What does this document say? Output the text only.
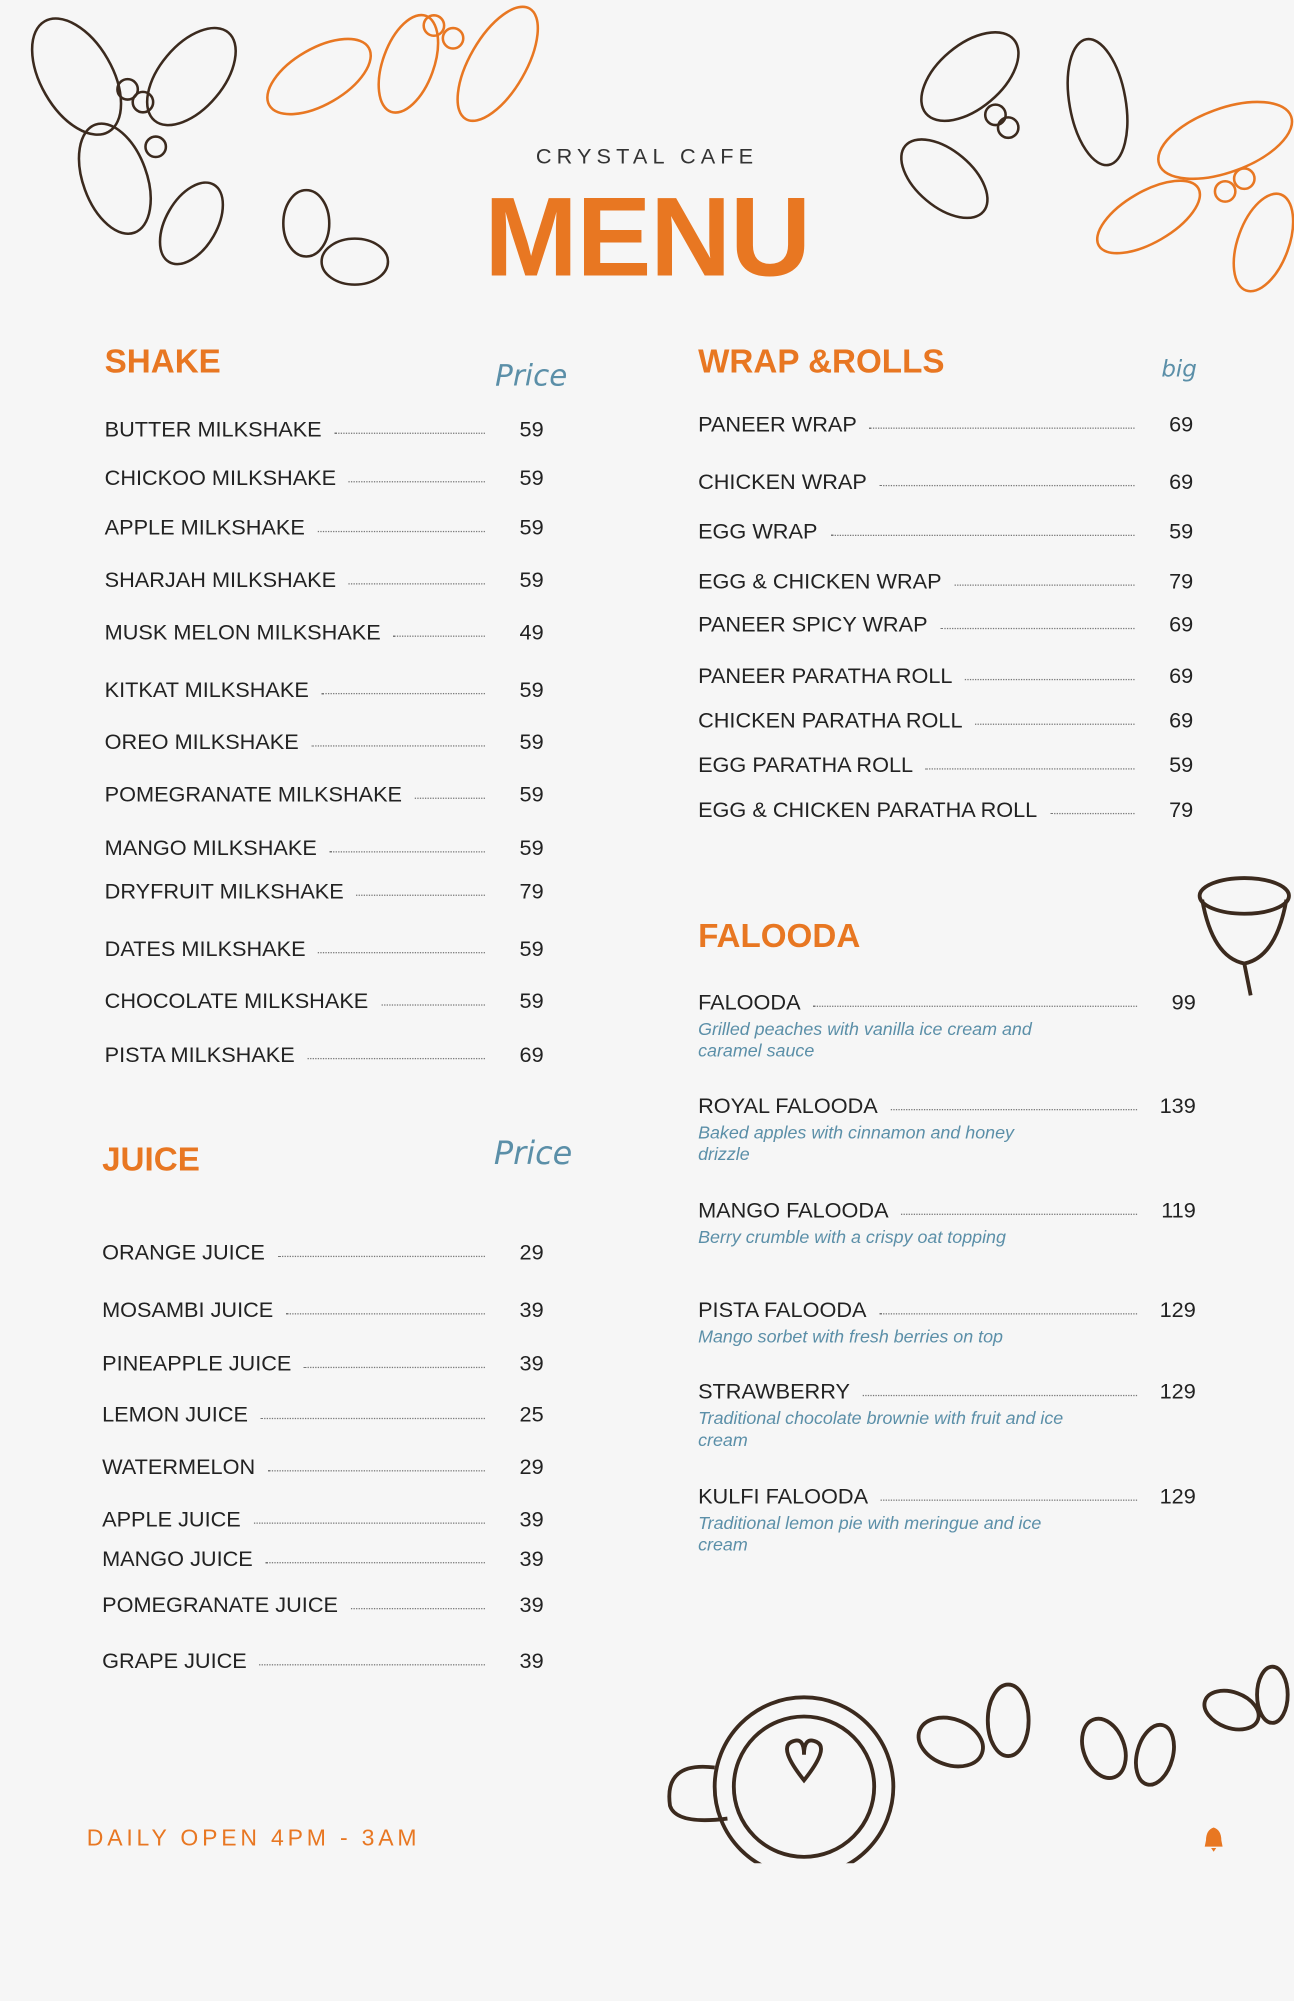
CRYSTAL CAFE
MENU
SHAKE	Price
BUTTER MILKSHAKE	59
CHICKOO MILKSHAKE	59
APPLE MILKSHAKE	59
SHARJAH MILKSHAKE	59
MUSK MELON MILKSHAKE	49
KITKAT MILKSHAKE	59
OREO MILKSHAKE	59
POMEGRANATE MILKSHAKE	59
MANGO MILKSHAKE	59
DRYFRUIT MILKSHAKE	79
DATES MILKSHAKE	59
CHOCOLATE MILKSHAKE	59
PISTA MILKSHAKE	69
JUICE	Price
ORANGE JUICE	29
MOSAMBI JUICE	39
PINEAPPLE JUICE	39
LEMON JUICE	25
WATERMELON	29
APPLE JUICE	39
MANGO JUICE	39
POMEGRANATE JUICE	39
GRAPE JUICE	39
WRAP &ROLLS	big
PANEER WRAP	69
CHICKEN WRAP	69
EGG WRAP	59
EGG & CHICKEN WRAP	79
PANEER SPICY WRAP	69
PANEER PARATHA ROLL	69
CHICKEN PARATHA ROLL	69
EGG PARATHA ROLL	59
EGG & CHICKEN PARATHA ROLL	79
FALOODA
FALOODA	99
Grilled peaches with vanilla ice cream and caramel sauce
ROYAL FALOODA	139
Baked apples with cinnamon and honey drizzle
MANGO FALOODA	119
Berry crumble with a crispy oat topping
PISTA FALOODA	129
Mango sorbet with fresh berries on top
STRAWBERRY	129
Traditional chocolate brownie with fruit and ice cream
KULFI FALOODA	129
Traditional lemon pie with meringue and ice cream
DAILY OPEN 4PM - 3AM
